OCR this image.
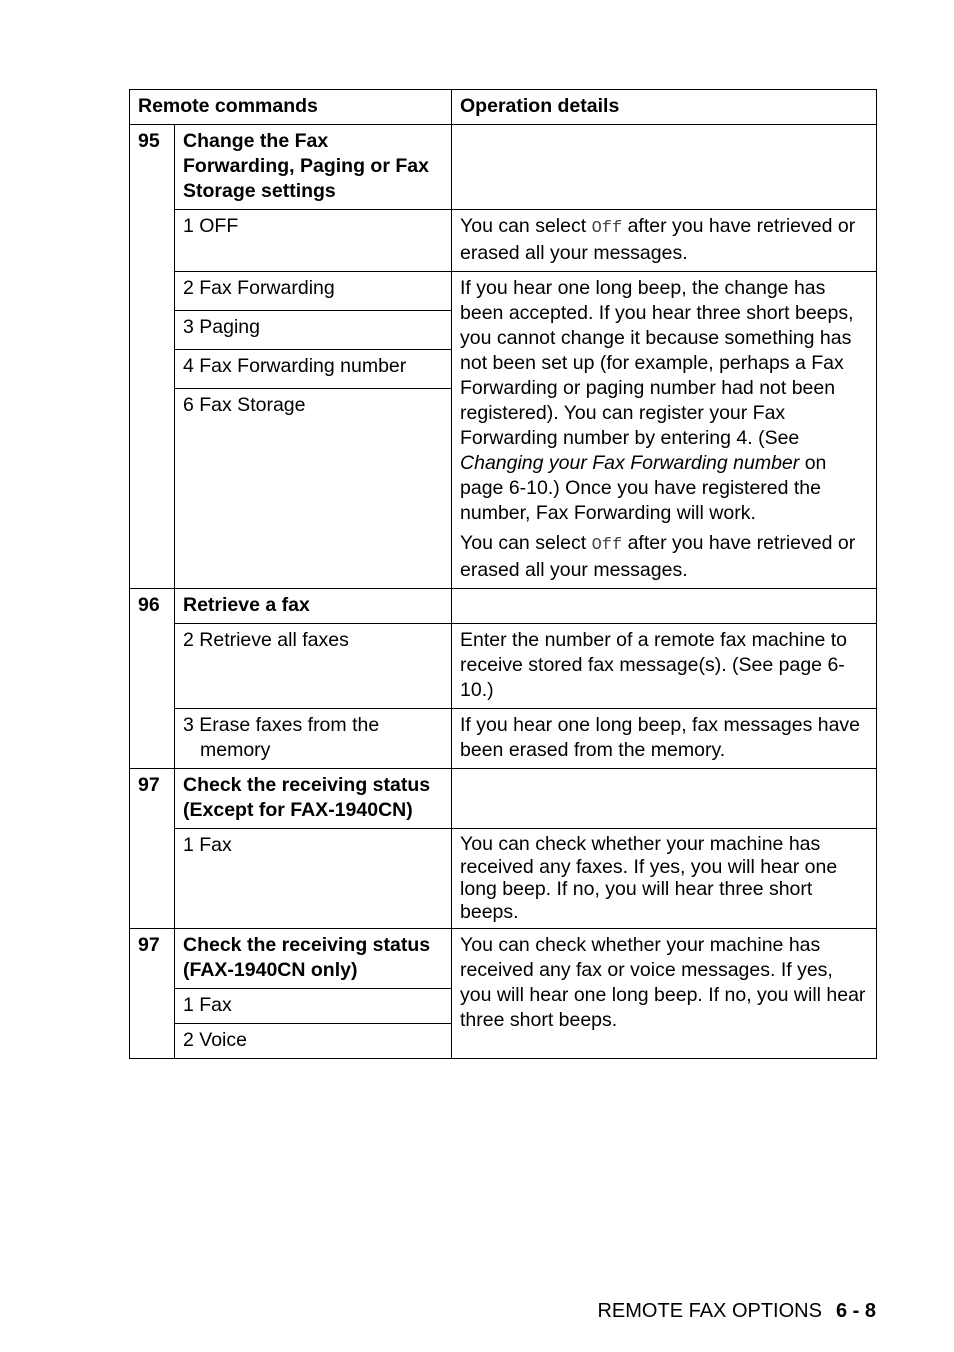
Remote commands		Operation details
95	Change the Fax Forwarding, Paging or Fax Storage settings	
	1 OFF	You can select Off after you have retrieved or erased all your messages.
	2 Fax Forwarding	If you hear one long beep, the change has been accepted. If you hear three short beeps, you cannot change it because something has not been set up (for example, perhaps a Fax Forwarding or paging number had not been registered). You can register your Fax Forwarding number by entering 4. (See Changing your Fax Forwarding number on page 6-10.) Once you have registered the number, Fax Forwarding will work.
You can select Off after you have retrieved or erased all your messages.

	3 Paging	
	4 Fax Forwarding number	
	6 Fax Storage	
96	Retrieve a fax	
	2 Retrieve all faxes	Enter the number of a remote fax machine to receive stored fax message(s). (See page 6-10.)

	3 Erase faxes from the memory	If you hear one long beep, fax messages have been erased from the memory.
97	Check the receiving status (Except for FAX-1940CN)	
	1 Fax	You can check whether your machine has received any faxes. If yes, you will hear one long beep. If no, you will hear three short beeps.
97	Check the receiving status (FAX-1940CN only)	You can check whether your machine has received any fax or voice messages. If yes, you will hear one long beep. If no, you will hear three short beeps.
	1 Fax	
	2 Voice	
REMOTE FAX OPTIONS 6 - 8
